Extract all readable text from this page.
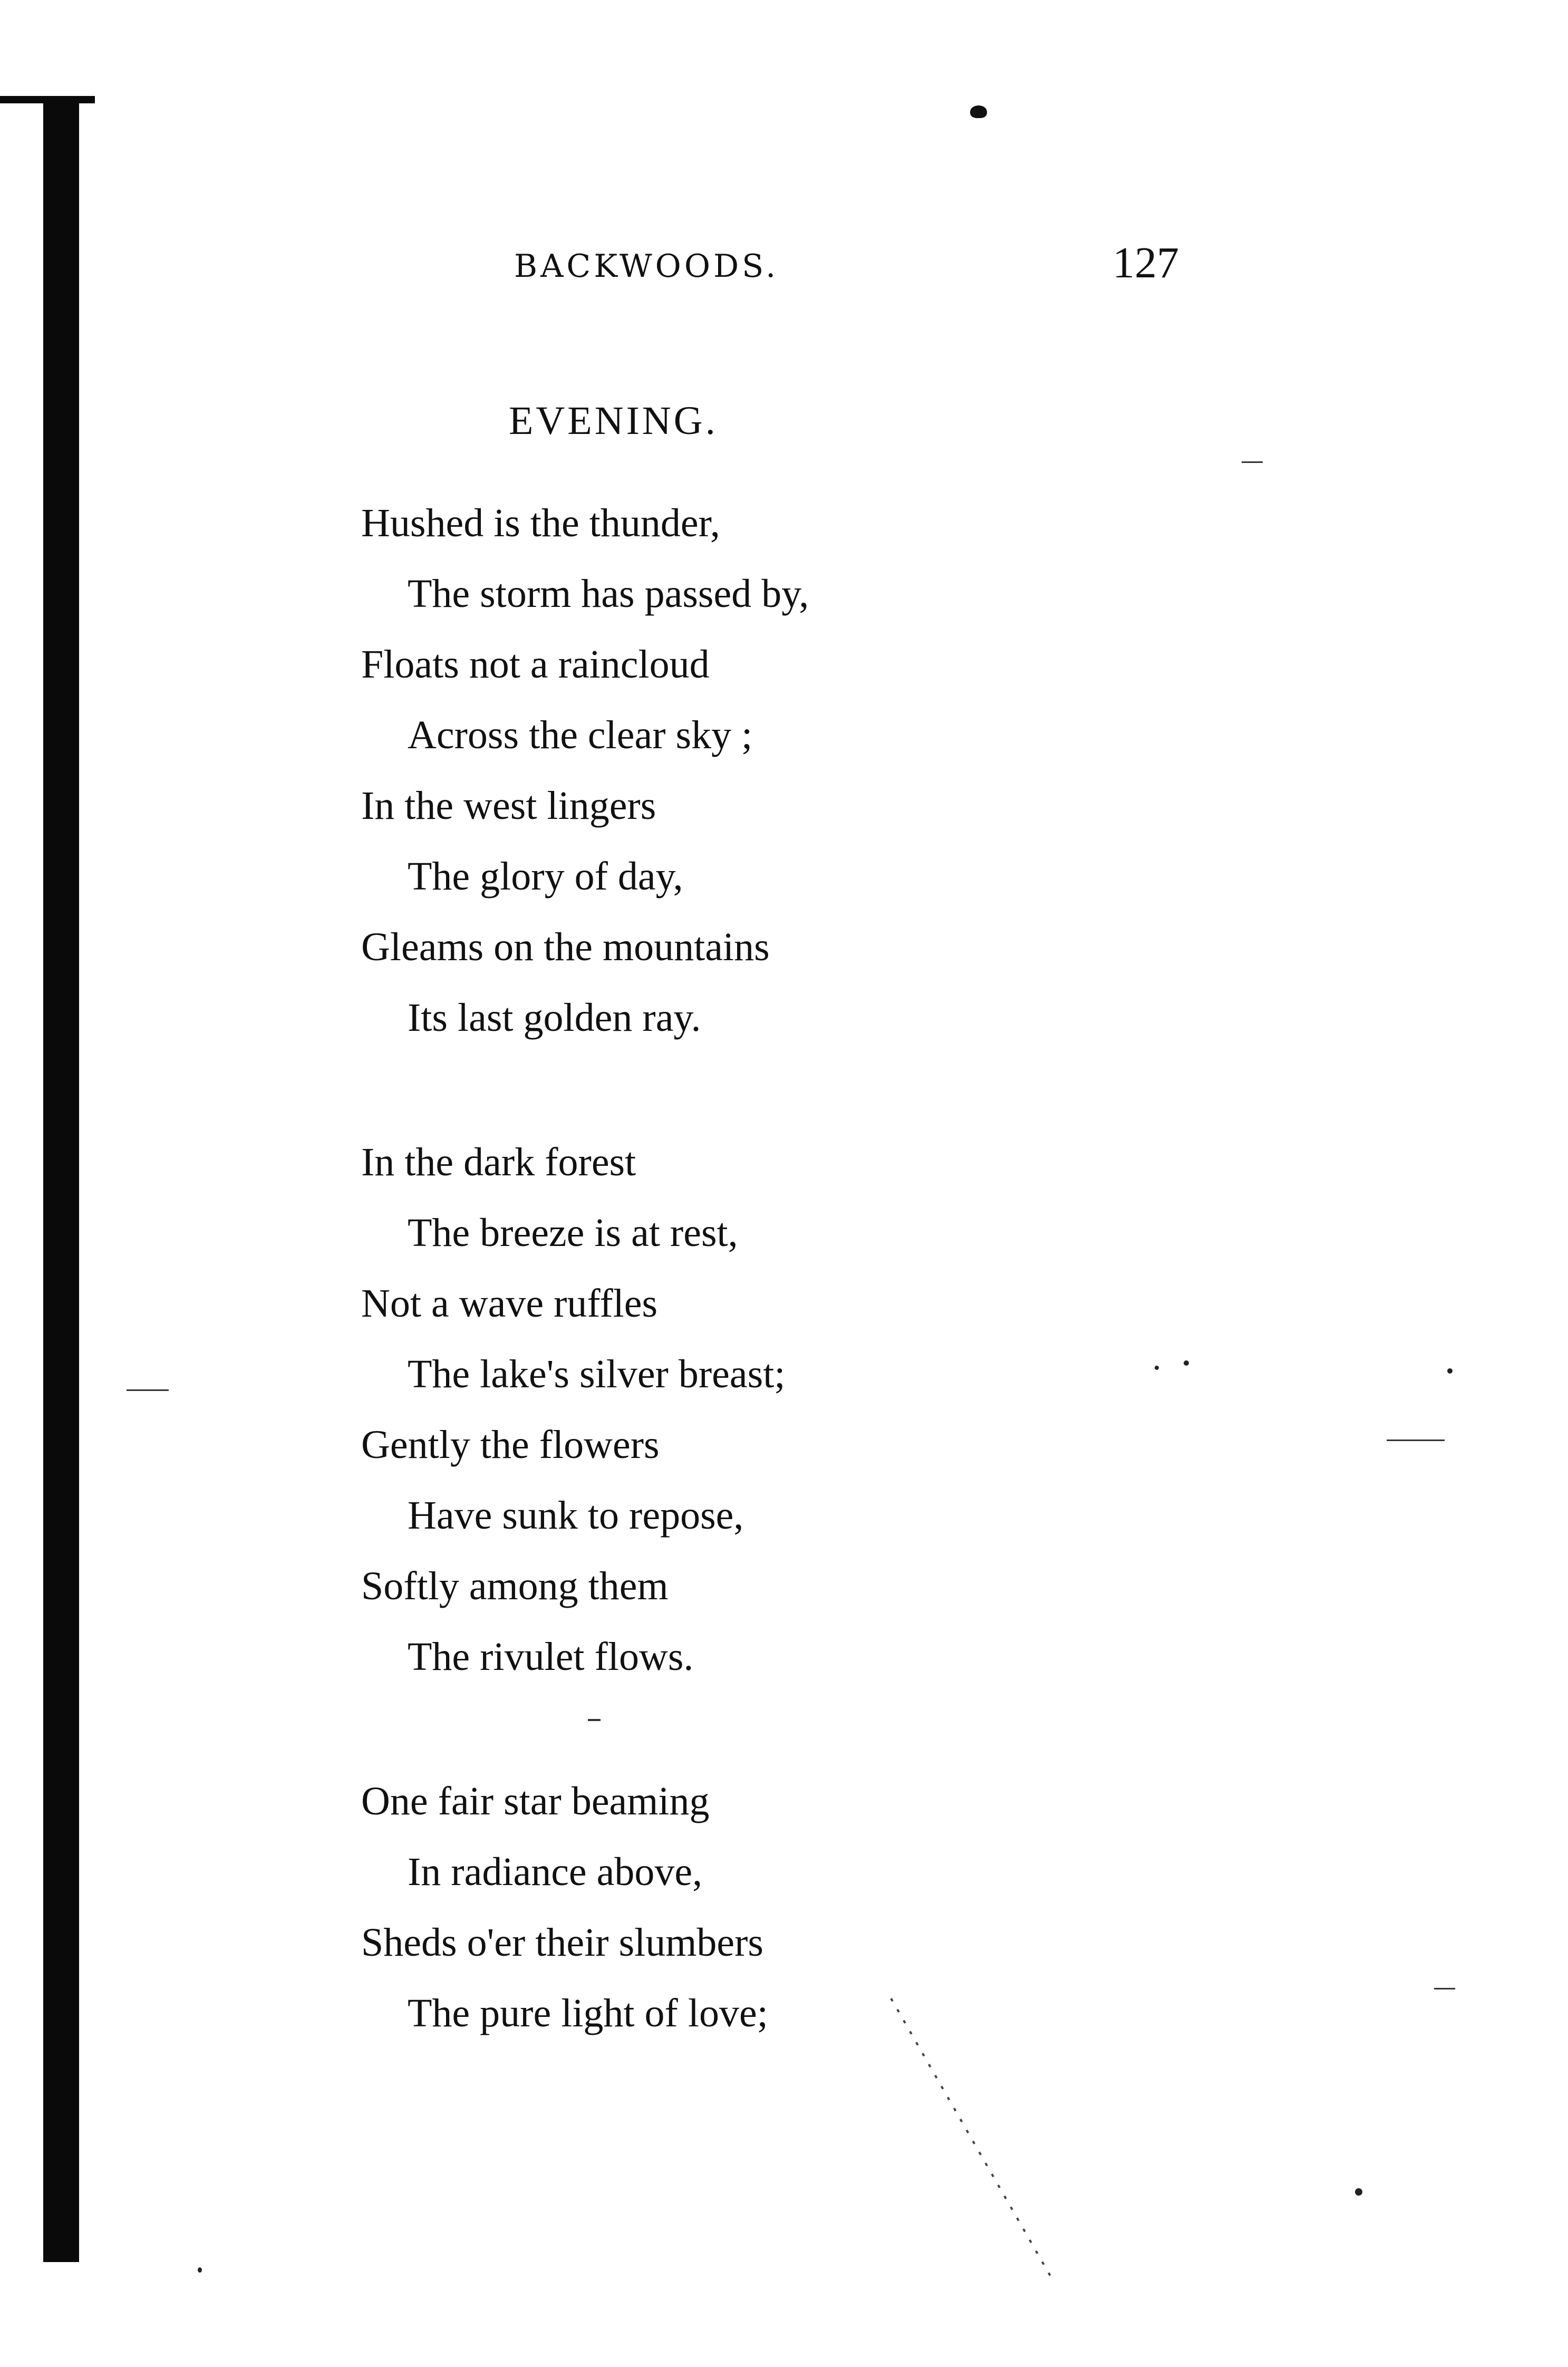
BACKWOODS.	127
EVENING.
Hushed is the thunder,
The storm has passed by,
Floats not a raincloud
Across the clear sky ;
In the west lingers
The glory of day,
Gleams on the mountains
Its last golden ray.
In the dark forest
The breeze is at rest,
Not a wave ruffles
The lake's silver breast;
Gently the flowers
Have sunk to repose,
Softly among them
The rivulet flows.
One fair star beaming
In radiance above,
Sheds o'er their slumbers
The pure light of love;
